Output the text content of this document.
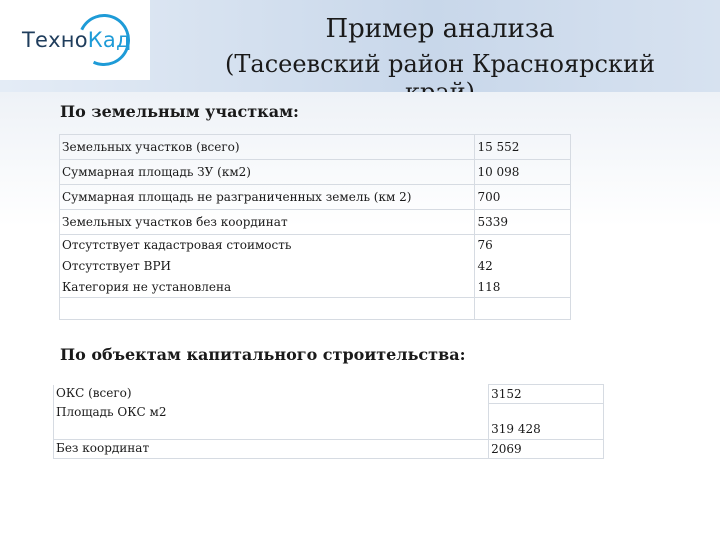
ТехноКад	Пример анализа
(Тасеевский район Красноярский
По земельным участкам:
Земельных участков (всего)	15 552
Суммарная площадь ЗУ (км2)	10 098
Суммарная площадь не разграниченных земель (км 2)	700
Земельных участков без координат	5339
Отсутствует кадастровая стоимость	76
Отсутствует ВРИ	42
Категория не установлена	118

По объектам капитального строительства:
ОКС (всего)	3152
Площадь ОКС м2	319 428
Без координат	2069
